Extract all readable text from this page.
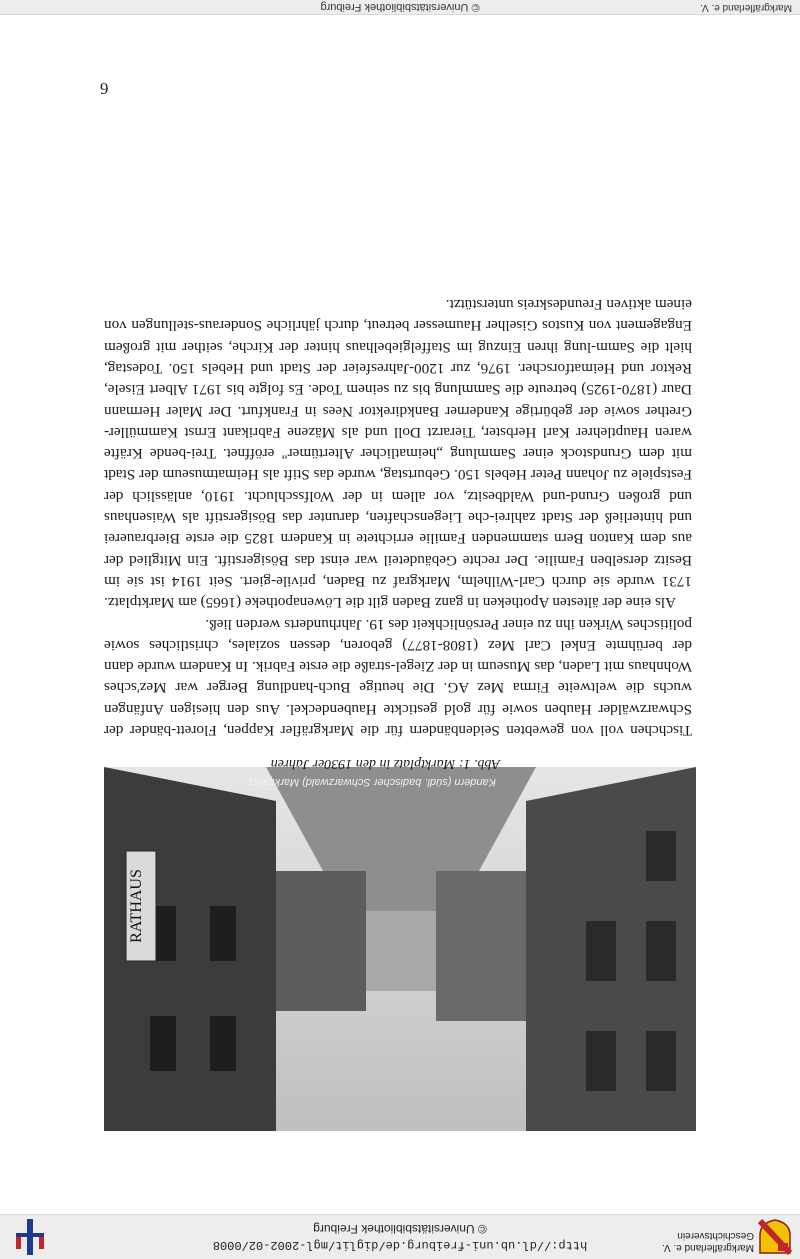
Markgräflerland e. V.
Geschichtsverein
http://dl.ub.uni-freiburg.de/diglit/mgl-2002-02/0008
© Universitätsbibliothek Freiburg
Markgräflerland e. V.
© Universitätsbibliothek Freiburg
RATHAUS
Kandern (südl. badischer Schwarzwald) Marktplatz.
Abb. 1: Marktplatz in den 1930er Jahren

Tischchen voll von gewebten Seidenbändern für die Markgräfler Kappen, Florett-bänder der Schwarzwälder Hauben sowie für gold gestickte Haubendeckel. Aus den hiesigen Anfängen wuchs die weltweite Firma Mez AG. Die heutige Buch-handlung Berger war Mez'sches Wohnhaus mit Laden, das Museum in der Ziegel-straße die erste Fabrik. In Kandern wurde dann der berühmte Enkel Carl Mez (1808-1877) geboren, dessen soziales, christliches sowie politisches Wirken ihn zu einer Persönlichkeit des 19. Jahrhunderts werden ließ.

Als eine der ältesten Apotheken in ganz Baden gilt die Löwenapotheke (1665) am Marktplatz. 1731 wurde sie durch Carl-Wilhelm, Markgraf zu Baden, privile-giert. Seit 1914 ist sie im Besitz derselben Familie. Der rechte Gebäudeteil war einst das Bösigerstift. Ein Mitglied der aus dem Kanton Bern stammenden Familie errichtete in Kandern 1825 die erste Bierbrauerei und hinterließ der Stadt zahlrei-che Liegenschaften, darunter das Bösigerstift als Waisenhaus und großen Grund-und Waldbesitz, vor allem in der Wolfsschlucht. 1910, anlässlich der Festspiele zu Johann Peter Hebels 150. Geburtstag, wurde das Stift als Heimatmuseum der Stadt mit dem Grundstock einer Sammlung „heimatlicher Altertümer" eröffnet. Trei-bende Kräfte waren Hauptlehrer Karl Herbster, Tierarzt Doll und als Mäzene Fabrikant Ernst Kammüller-Grether sowie der gebürtige Kanderner Bankdirektor Nees in Frankfurt. Der Maler Hermann Daur (1870-1925) betreute die Sammlung bis zu seinem Tode. Es folgte bis 1971 Albert Eisele, Rektor und Heimatforscher. 1976, zur 1200-Jahresfeier der Stadt und Hebels 150. Todestag, hielt die Samm-lung ihren Einzug im Staffelgiebelhaus hinter der Kirche, seither mit großem Engagement von Kustos Giselher Haumesser betreut, durch jährliche Sonderaus-stellungen von einem aktiven Freundeskreis unterstützt.

6
